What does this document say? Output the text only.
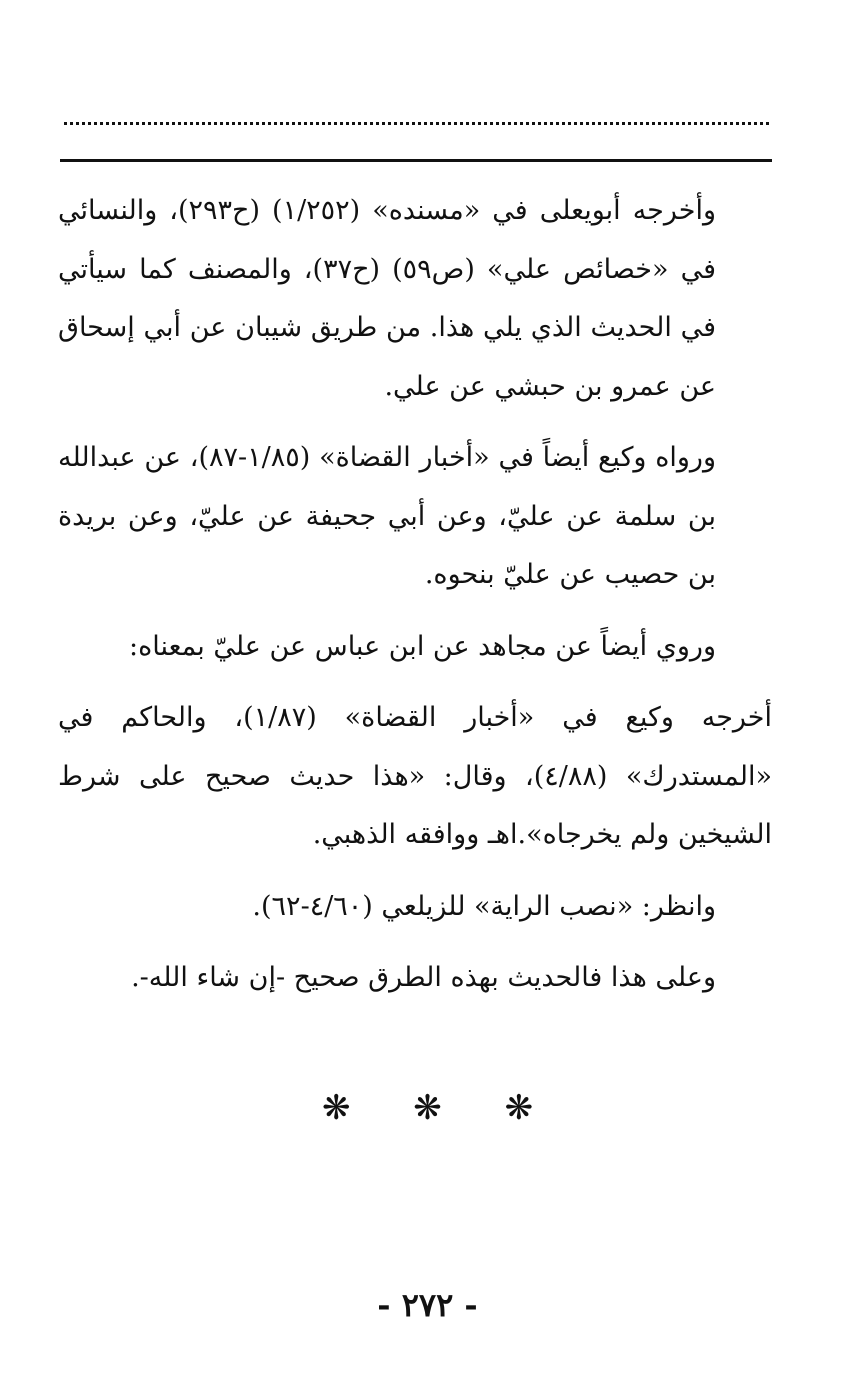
وأخرجه أبويعلى في «مسنده» (١/٢٥٢) (ح٢٩٣)، والنسائي في «خصائص علي» (ص٥٩) (ح٣٧)، والمصنف كما سيأتي في الحديث الذي يلي هذا. من طريق شيبان عن أبي إسحاق عن عمرو بن حبشي عن علي.

ورواه وكيع أيضاً في «أخبار القضاة» (١/٨٥-٨٧)، عن عبدالله بن سلمة عن عليّ، وعن أبي جحيفة عن عليّ، وعن بريدة بن حصيب عن عليّ بنحوه.

وروي أيضاً عن مجاهد عن ابن عباس عن عليّ بمعناه:

أخرجه وكيع في «أخبار القضاة» (١/٨٧)، والحاكم في «المستدرك» (٤/٨٨)، وقال: «هذا حديث صحيح على شرط الشيخين ولم يخرجاه».اهـ ووافقه الذهبي.

وانظر: «نصب الراية» للزيلعي (٤/٦٠-٦٢).

وعلى هذا فالحديث بهذه الطرق صحيح -إن شاء الله-.

❋ ❋ ❋
- ٢٧٢ -
